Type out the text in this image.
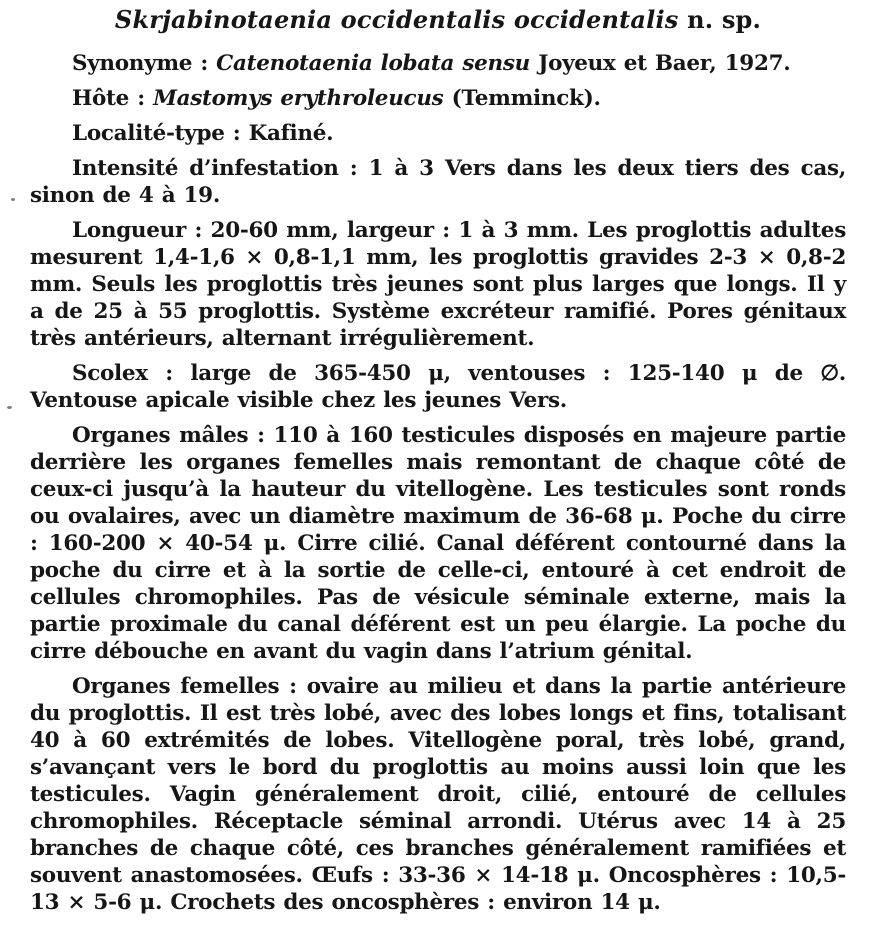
Skrjabinotaenia occidentalis occidentalis n. sp.

Synonyme : Catenotaenia lobata sensu Joyeux et Baer, 1927.

Hôte : Mastomys erythroleucus (Temminck).

Localité-type : Kafiné.

Intensité d’infestation : 1 à 3 Vers dans les deux tiers des cas, sinon de 4 à 19.

Longueur : 20-60 mm, largeur : 1 à 3 mm. Les proglottis adultes mesurent 1,4-1,6 × 0,8-1,1 mm, les proglottis gravides 2-3 × 0,8-2 mm. Seuls les proglottis très jeunes sont plus larges que longs. Il y a de 25 à 55 proglottis. Système excréteur ramifié. Pores génitaux très antérieurs, alternant irrégulièrement.

Scolex : large de 365-450 μ, ventouses : 125-140 μ de ∅. Ventouse apicale visible chez les jeunes Vers.

Organes mâles : 110 à 160 testicules disposés en majeure partie derrière les organes femelles mais remontant de chaque côté de ceux-ci jusqu’à la hauteur du vitellogène. Les testicules sont ronds ou ovalaires, avec un diamètre maximum de 36-68 μ. Poche du cirre : 160-200 × 40-54 μ. Cirre cilié. Canal déférent contourné dans la poche du cirre et à la sortie de celle-ci, entouré à cet endroit de cellules chromophiles. Pas de vésicule séminale externe, mais la partie proximale du canal déférent est un peu élargie. La poche du cirre débouche en avant du vagin dans l’atrium génital.

Organes femelles : ovaire au milieu et dans la partie antérieure du proglottis. Il est très lobé, avec des lobes longs et fins, totalisant 40 à 60 extrémités de lobes. Vitellogène poral, très lobé, grand, s’avançant vers le bord du proglottis au moins aussi loin que les testicules. Vagin généralement droit, cilié, entouré de cellules chromophiles. Réceptacle séminal arrondi. Utérus avec 14 à 25 branches de chaque côté, ces branches généralement ramifiées et souvent anastomosées. Œufs : 33-36 × 14-18 μ. Oncosphères : 10,5-13 × 5-6 μ. Crochets des oncosphères : environ 14 μ.
